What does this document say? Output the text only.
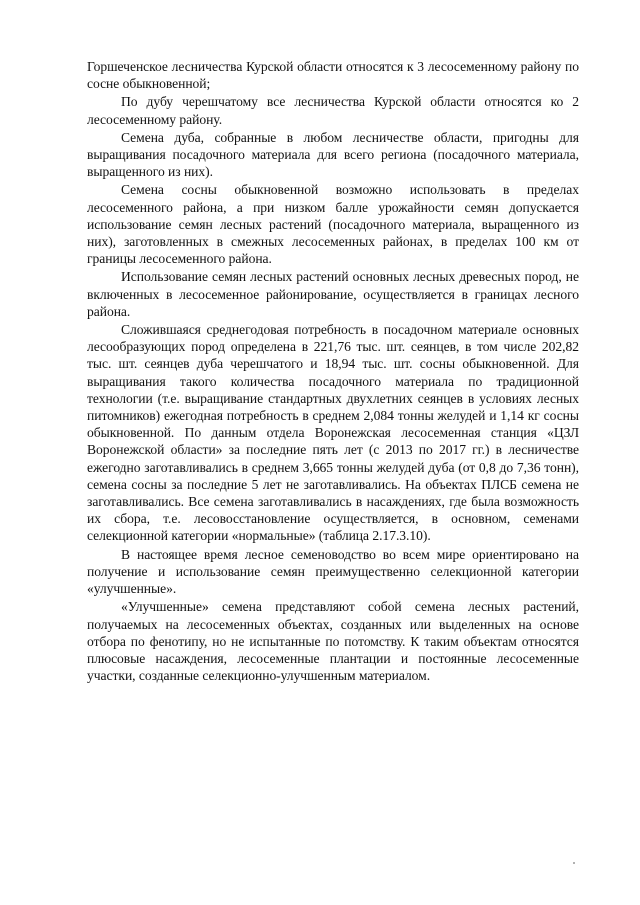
Горшеченское лесничества Курской области относятся к 3 лесосеменному району по сосне обыкновенной;

По дубу черешчатому все лесничества Курской области относятся ко 2 лесосеменному району.

Семена дуба, собранные в любом лесничестве области, пригодны для выращивания посадочного материала для всего региона (посадочного материала, выращенного из них).

Семена сосны обыкновенной возможно использовать в пределах лесосеменного района, а при низком балле урожайности семян допускается использование семян лесных растений (посадочного материала, выращенного из них), заготовленных в смежных лесосеменных районах, в пределах 100 км от границы лесосеменного района.

Использование семян лесных растений основных лесных древесных пород, не включенных в лесосеменное районирование, осуществляется в границах лесного района.

Сложившаяся среднегодовая потребность в посадочном материале основных лесообразующих пород определена в 221,76 тыс. шт. сеянцев, в том числе 202,82 тыс. шт. сеянцев дуба черешчатого и 18,94 тыс. шт. сосны обыкновенной. Для выращивания такого количества посадочного материала по традиционной технологии (т.е. выращивание стандартных двухлетних сеянцев в условиях лесных питомников) ежегодная потребность в среднем 2,084 тонны желудей и 1,14 кг сосны обыкновенной. По данным отдела Воронежская лесосеменная станция «ЦЗЛ Воронежской области» за последние пять лет (с 2013 по 2017 гг.) в лесничестве ежегодно заготавливались в среднем 3,665 тонны желудей дуба (от 0,8 до 7,36 тонн), семена сосны за последние 5 лет не заготавливались. На объектах ПЛСБ семена не заготавливались. Все семена заготавливались в насаждениях, где была возможность их сбора, т.е. лесовосстановление осуществляется, в основном, семенами селекционной категории «нормальные» (таблица 2.17.3.10).

В настоящее время лесное семеноводство во всем мире ориентировано на получение и использование семян преимущественно селекционной категории «улучшенные».

«Улучшенные» семена представляют собой семена лесных растений, получаемых на лесосеменных объектах, созданных или выделенных на основе отбора по фенотипу, но не испытанные по потомству. К таким объектам относятся плюсовые насаждения, лесосеменные плантации и постоянные лесосеменные участки, созданные селекционно-улучшенным материалом.
